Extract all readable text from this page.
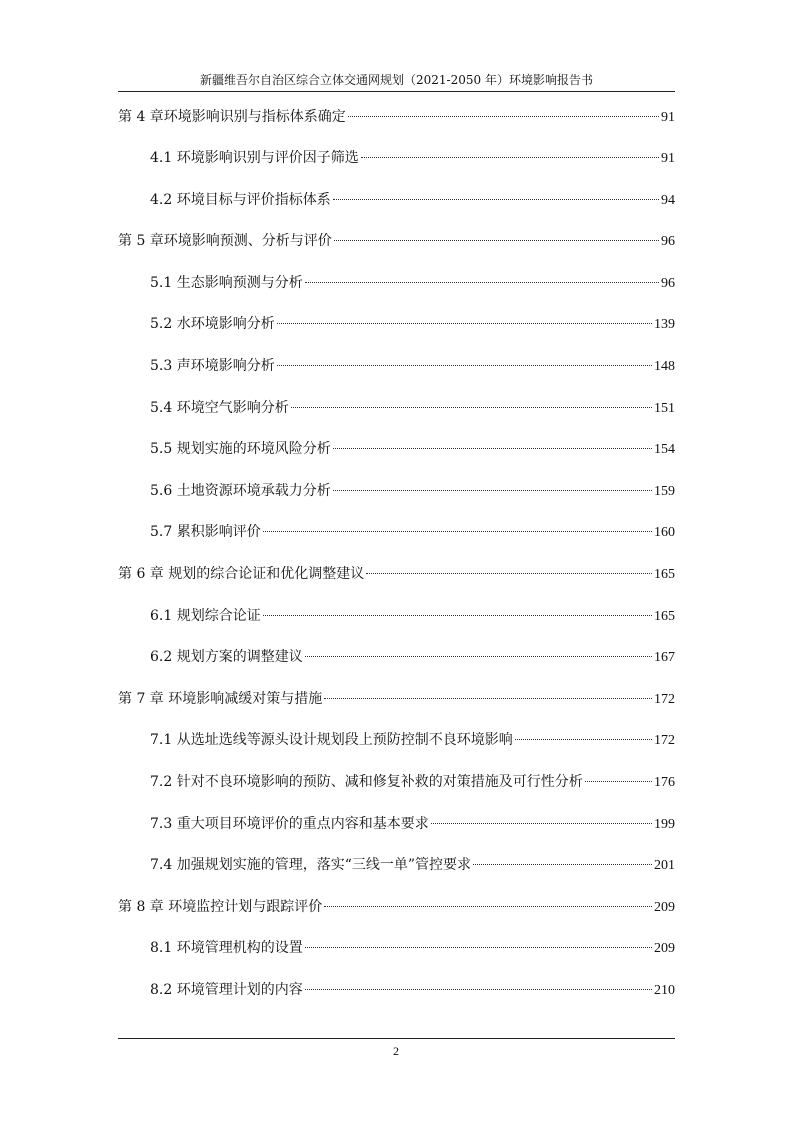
新疆维吾尔自治区综合立体交通网规划（2021-2050 年）环境影响报告书
第 4 章环境影响识别与指标体系确定	91
4.1 环境影响识别与评价因子筛选	91
4.2 环境目标与评价指标体系	94
第 5 章环境影响预测、分析与评价	96
5.1 生态影响预测与分析	96
5.2 水环境影响分析	139
5.3 声环境影响分析	148
5.4 环境空气影响分析	151
5.5 规划实施的环境风险分析	154
5.6 土地资源环境承载力分析	159
5.7 累积影响评价	160
第 6 章 规划的综合论证和优化调整建议	165
6.1 规划综合论证	165
6.2 规划方案的调整建议	167
第 7 章 环境影响减缓对策与措施	172
7.1 从选址选线等源头设计规划段上预防控制不良环境影响	172
7.2 针对不良环境影响的预防、减和修复补救的对策措施及可行性分析	176
7.3 重大项目环境评价的重点内容和基本要求	199
7.4 加强规划实施的管理，落实“三线一单”管控要求	201
第 8 章 环境监控计划与跟踪评价	209
8.1 环境管理机构的设置	209
8.2 环境管理计划的内容	210
2
